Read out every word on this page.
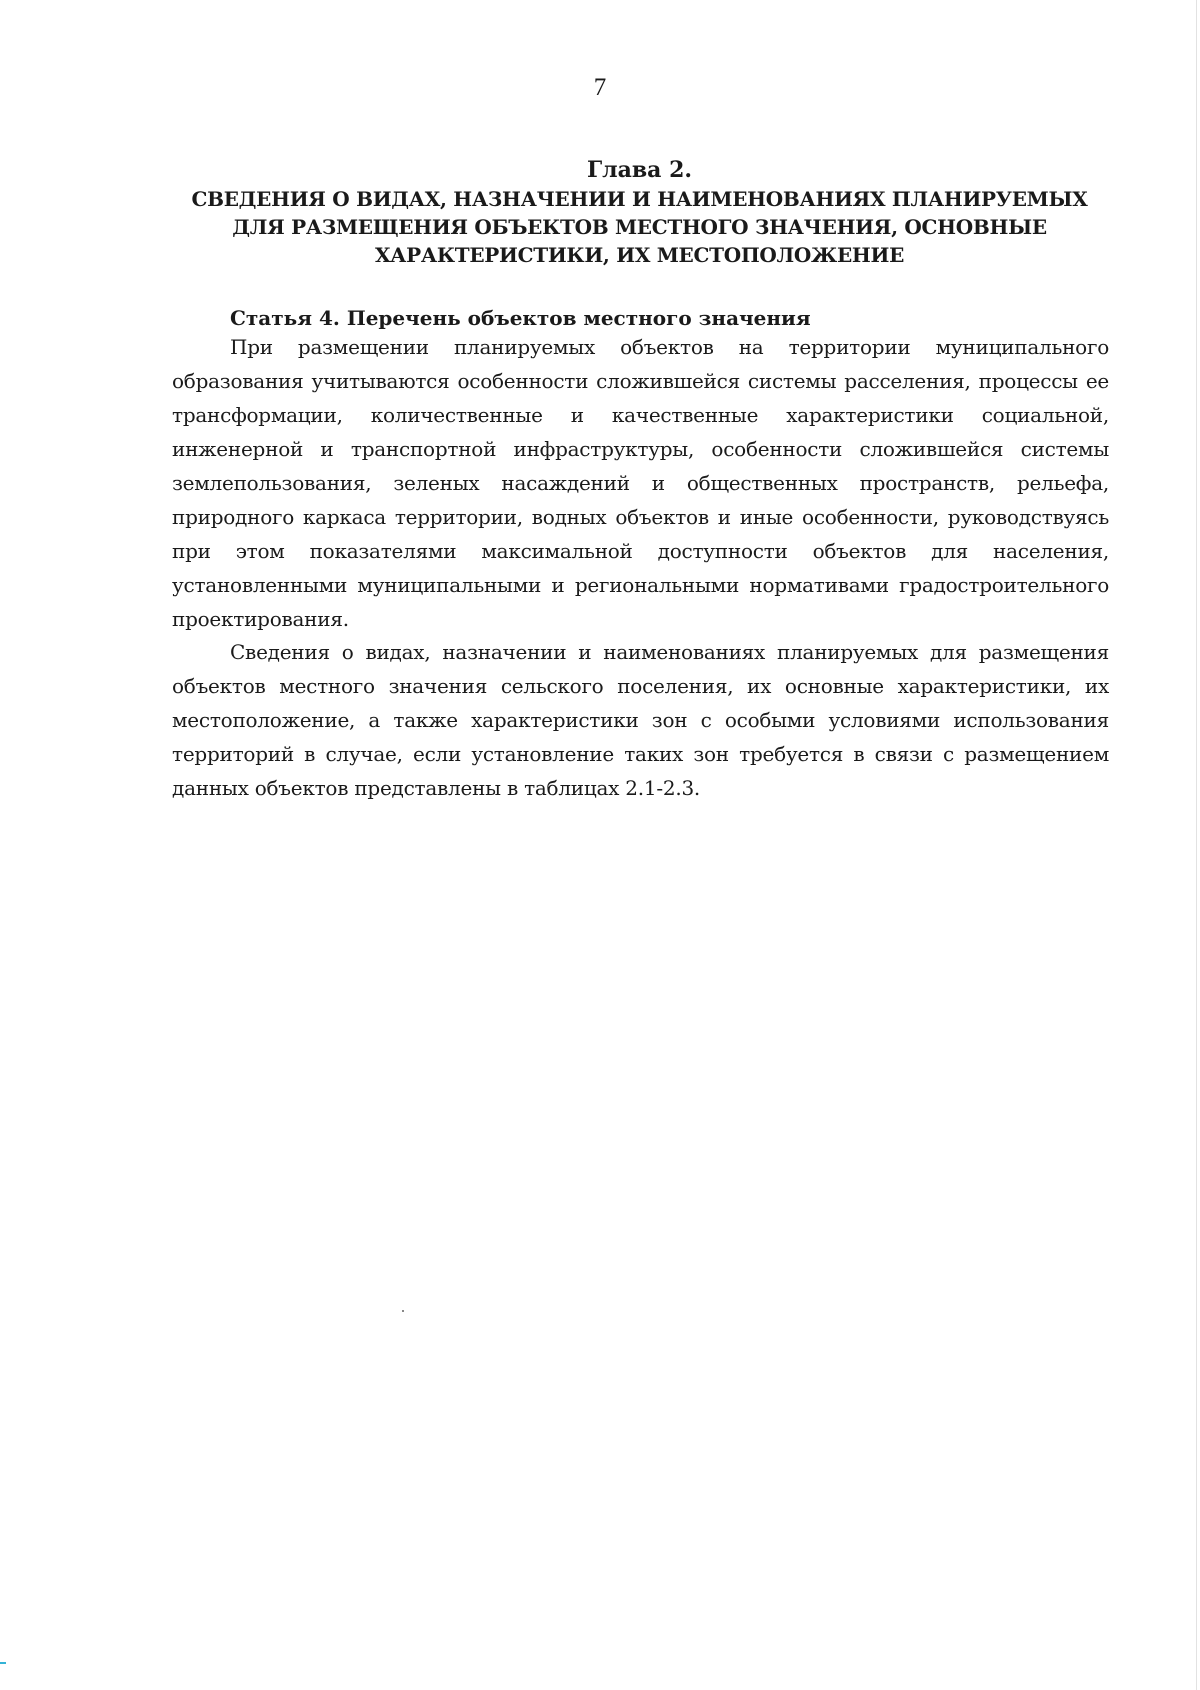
7
Глава 2.
СВЕДЕНИЯ О ВИДАХ, НАЗНАЧЕНИИ И НАИМЕНОВАНИЯХ ПЛАНИРУЕМЫХ
ДЛЯ РАЗМЕЩЕНИЯ ОБЪЕКТОВ МЕСТНОГО ЗНАЧЕНИЯ, ОСНОВНЫЕ
ХАРАКТЕРИСТИКИ, ИХ МЕСТОПОЛОЖЕНИЕ
Статья 4. Перечень объектов местного значения

При размещении планируемых объектов на территории муниципального образования учитываются особенности сложившейся системы расселения, процессы ее трансформации, количественные и качественные характеристики социальной, инженерной и транспортной инфраструктуры, особенности сложившейся системы землепользования, зеленых насаждений и общественных пространств, рельефа, природного каркаса территории, водных объектов и иные особенности, руководствуясь при этом показателями максимальной доступности объектов для населения, установленными муниципальными и региональными нормативами градостроительного проектирования.

Сведения о видах, назначении и наименованиях планируемых для размещения объектов местного значения сельского поселения, их основные характеристики, их местоположение, а также характеристики зон с особыми условиями использования территорий в случае, если установление таких зон требуется в связи с размещением данных объектов представлены в таблицах 2.1-2.3.
